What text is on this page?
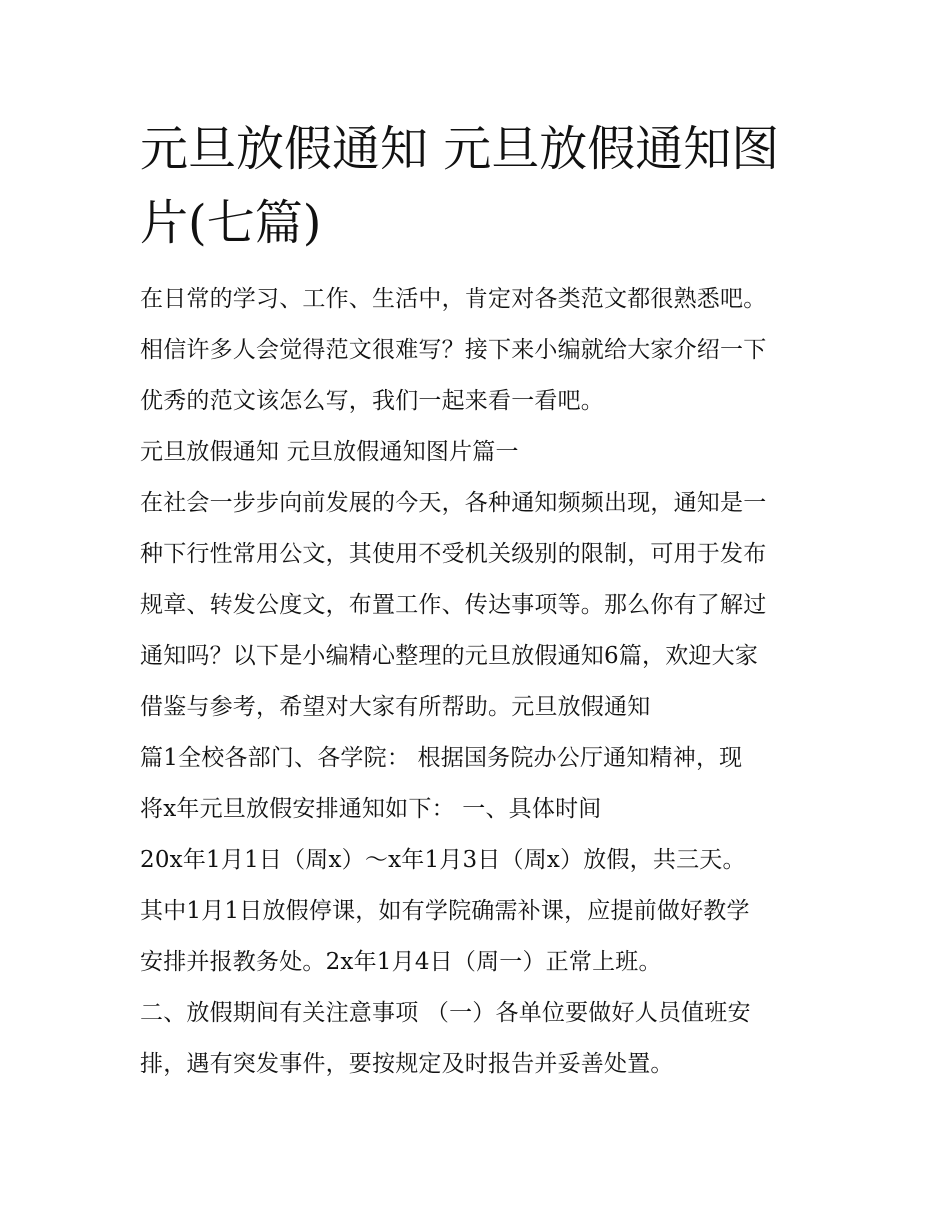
元旦放假通知 元旦放假通知图
片(七篇)

在日常的学习、工作、生活中，肯定对各类范文都很熟悉吧。

相信许多人会觉得范文很难写？接下来小编就给大家介绍一下

优秀的范文该怎么写，我们一起来看一看吧。

元旦放假通知 元旦放假通知图片篇一

在社会一步步向前发展的今天，各种通知频频出现，通知是一

种下行性常用公文，其使用不受机关级别的限制，可用于发布

规章、转发公度文，布置工作、传达事项等。那么你有了解过

通知吗？以下是小编精心整理的元旦放假通知6篇，欢迎大家

借鉴与参考，希望对大家有所帮助。元旦放假通知

篇1全校各部门、各学院： 根据国务院办公厅通知精神，现

将x年元旦放假安排通知如下： 一、具体时间

20x年1月1日（周x）～x年1月3日（周x）放假，共三天。

其中1月1日放假停课，如有学院确需补课，应提前做好教学

安排并报教务处。2x年1月4日（周一）正常上班。

二、放假期间有关注意事项 （一）各单位要做好人员值班安

排，遇有突发事件，要按规定及时报告并妥善处置。
